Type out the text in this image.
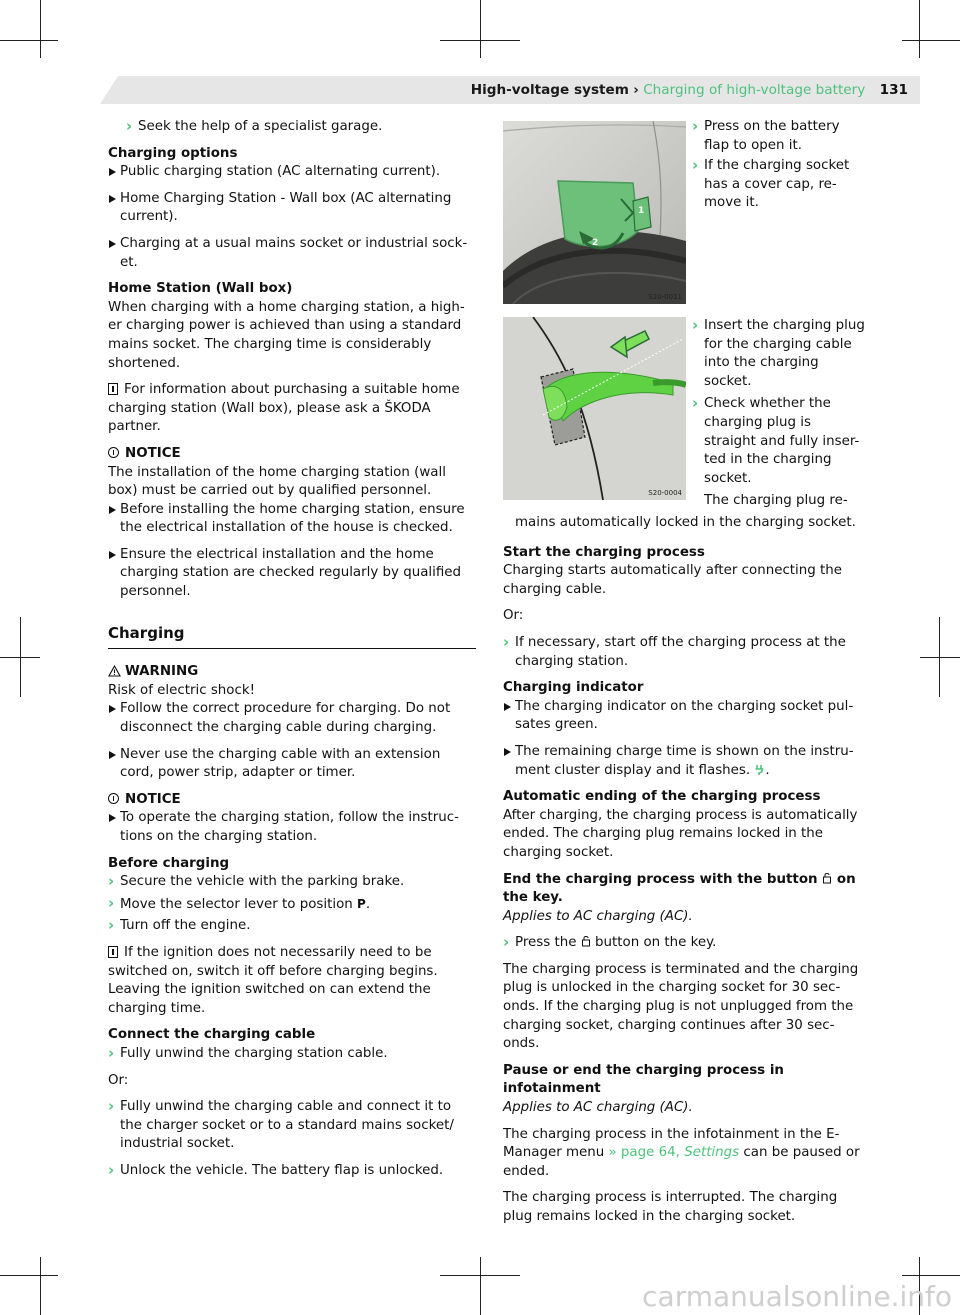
High-voltage system › Charging of high-voltage battery 131
› Seek the help of a specialist garage.
Charging options
Public charging station (AC alternating current).
Home Charging Station - Wall box (AC alternating current).
Charging at a usual mains socket or industrial sock-et.
Home Station (Wall box)

When charging with a home charging station, a high-er charging power is achieved than using a standard mains socket. The charging time is considerably shortened.

For information about purchasing a suitable home charging station (Wall box), please ask a ŠKODA partner.

NOTICE
The installation of the home charging station (wall box) must be carried out by qualified personnel.
Before installing the home charging station, ensure the electrical installation of the house is checked.
Ensure the electrical installation and the home charging station are checked regularly by qualified personnel.
Charging
WARNING
Risk of electric shock!
Follow the correct procedure for charging. Do not disconnect the charging cable during charging.
Never use the charging cable with an extension cord, power strip, adapter or timer.
NOTICE
To operate the charging station, follow the instruc-tions on the charging station.
Before charging
› Secure the vehicle with the parking brake.
› Move the selector lever to position P.
› Turn off the engine.

If the ignition does not necessarily need to be switched on, switch it off before charging begins. Leaving the ignition switched on can extend the charging time.

Connect the charging cable
› Fully unwind the charging station cable.

Or:

› Fully unwind the charging cable and connect it to the charger socket or to a standard mains socket/ industrial socket.
› Unlock the vehicle. The battery flap is unlocked.
1
2
S20-0011
› Press on the battery flap to open it.
› If the charging socket has a cover cap, re-move it.
S20-0004
› Insert the charging plug for the charging cable into the charging socket.
› Check whether the charging plug is straight and fully inser-ted in the charging socket.
The charging plug re-

mains automatically locked in the charging socket.

Start the charging process

Charging starts automatically after connecting the charging cable.

Or:

› If necessary, start off the charging process at the charging station.
Charging indicator
The charging indicator on the charging socket pul-sates green.
The remaining charge time is shown on the instru-ment cluster display and it flashes. .
Automatic ending of the charging process

After charging, the charging process is automatically ended. The charging plug remains locked in the charging socket.

End the charging process with the button on the key.

Applies to AC charging (AC).

› Press the button on the key.

The charging process is terminated and the charging plug is unlocked in the charging socket for 30 sec-onds. If the charging plug is not unplugged from the charging socket, charging continues after 30 sec-onds.

Pause or end the charging process in infotainment

Applies to AC charging (AC).

The charging process in the infotainment in the E-Manager menu » page 64, Settings can be paused or ended.

The charging process is interrupted. The charging plug remains locked in the charging socket.

carmanualsonline.info
